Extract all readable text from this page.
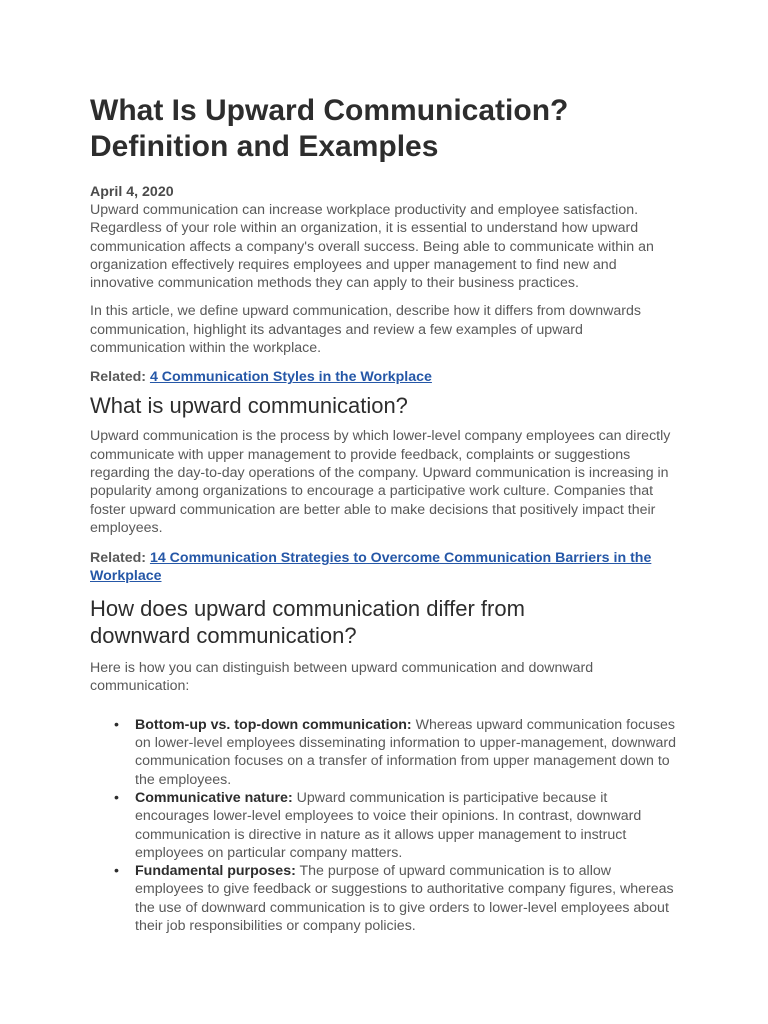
What Is Upward Communication?
Definition and Examples
April 4, 2020

Upward communication can increase workplace productivity and employee satisfaction. Regardless of your role within an organization, it is essential to understand how upward communication affects a company's overall success. Being able to communicate within an organization effectively requires employees and upper management to find new and innovative communication methods they can apply to their business practices.

In this article, we define upward communication, describe how it differs from downwards communication, highlight its advantages and review a few examples of upward communication within the workplace.

Related: 4 Communication Styles in the Workplace
What is upward communication?

Upward communication is the process by which lower-level company employees can directly communicate with upper management to provide feedback, complaints or suggestions regarding the day-to-day operations of the company. Upward communication is increasing in popularity among organizations to encourage a participative work culture. Companies that foster upward communication are better able to make decisions that positively impact their employees.

Related: 14 Communication Strategies to Overcome Communication Barriers in the Workplace
How does upward communication differ from
downward communication?

Here is how you can distinguish between upward communication and downward communication:

• Bottom-up vs. top-down communication: Whereas upward communication focuses on lower-level employees disseminating information to upper-management, downward communication focuses on a transfer of information from upper management down to the employees.
• Communicative nature: Upward communication is participative because it encourages lower-level employees to voice their opinions. In contrast, downward communication is directive in nature as it allows upper management to instruct employees on particular company matters.
• Fundamental purposes: The purpose of upward communication is to allow employees to give feedback or suggestions to authoritative company figures, whereas the use of downward communication is to give orders to lower-level employees about their job responsibilities or company policies.
